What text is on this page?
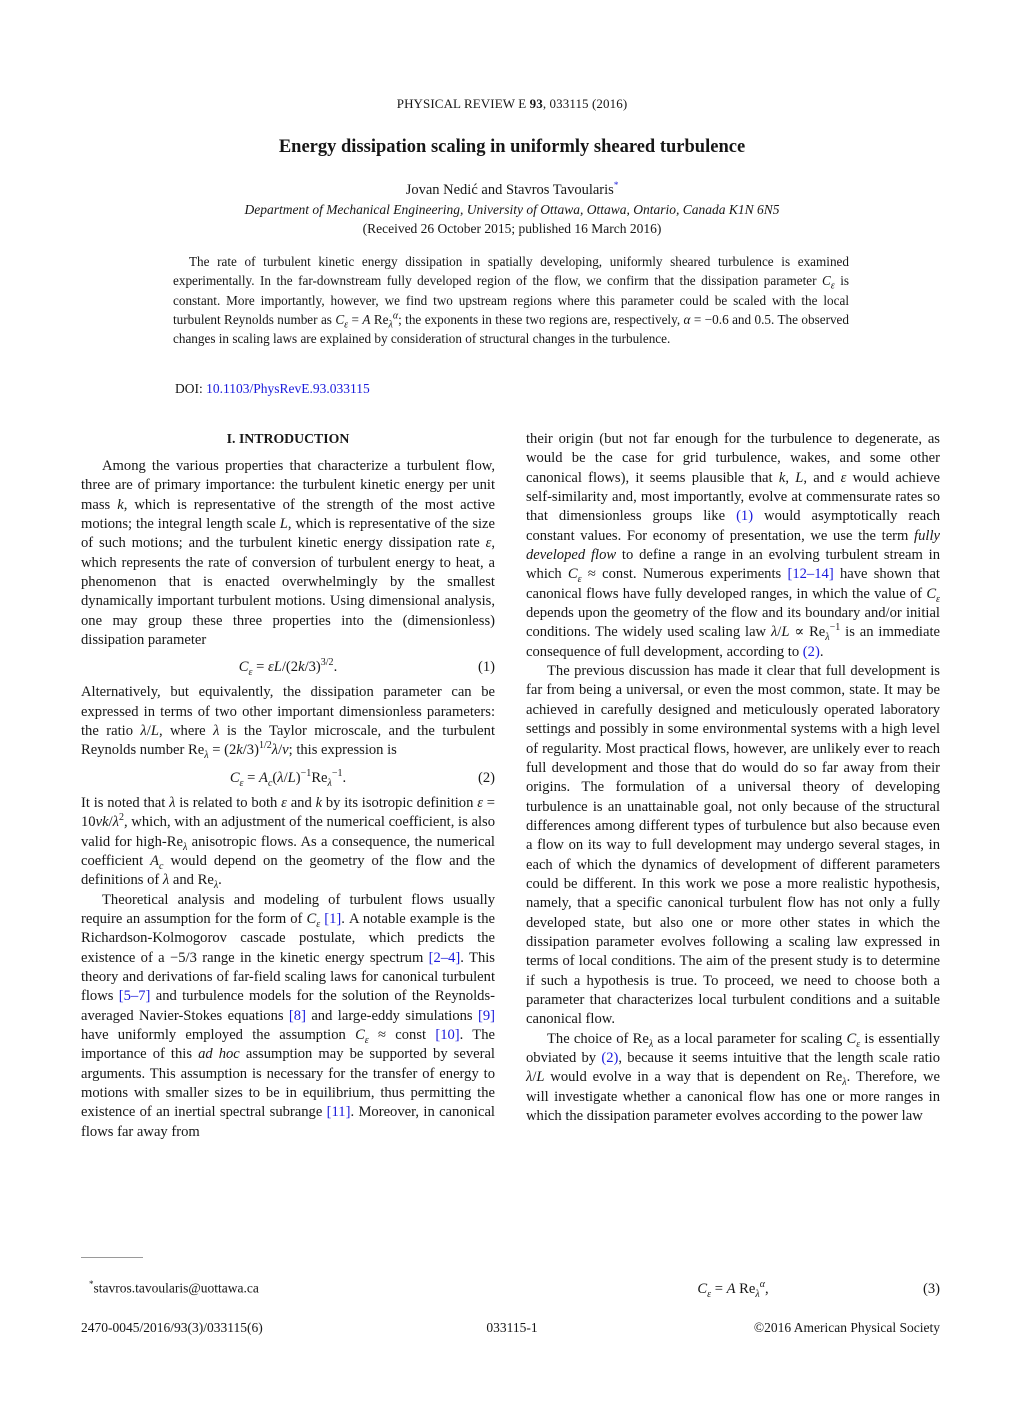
PHYSICAL REVIEW E 93, 033115 (2016)
Energy dissipation scaling in uniformly sheared turbulence
Jovan Nedić and Stavros Tavoularis*
Department of Mechanical Engineering, University of Ottawa, Ottawa, Ontario, Canada K1N 6N5
(Received 26 October 2015; published 16 March 2016)
The rate of turbulent kinetic energy dissipation in spatially developing, uniformly sheared turbulence is examined experimentally. In the far-downstream fully developed region of the flow, we confirm that the dissipation parameter $C_\varepsilon$ is constant. More importantly, however, we find two upstream regions where this parameter could be scaled with the local turbulent Reynolds number as $C_\varepsilon = A$ $Re_\lambda^\alpha$; the exponents in these two regions are, respectively, α = −0.6 and 0.5. The observed changes in scaling laws are explained by consideration of structural changes in the turbulence.
DOI: 10.1103/PhysRevE.93.033115
I. INTRODUCTION

Among the various properties that characterize a turbulent flow, three are of primary importance: the turbulent kinetic energy per unit mass k, which is representative of the strength of the most active motions; the integral length scale L, which is representative of the size of such motions; and the turbulent kinetic energy dissipation rate ε, which represents the rate of conversion of turbulent energy to heat, a phenomenon that is enacted overwhelmingly by the smallest dynamically important turbulent motions. Using dimensional analysis, one may group these three properties into the (dimensionless) dissipation parameter

$C_\varepsilon = \varepsilon L/(2k/3)^{3/2}$.	(1)

Alternatively, but equivalently, the dissipation parameter can be expressed in terms of two other important dimensionless parameters: the ratio λ/L, where λ is the Taylor microscale, and the turbulent Reynolds number $Re_\lambda = (2k/3)^{1/2}\lambda/\nu$; this expression is

$C_\varepsilon = A_c(\lambda/L)^{-1}Re_\lambda^{-1}$.	(2)

It is noted that λ is related to both ε and k by its isotropic definition $\varepsilon = 10\nu k/\lambda^2$, which, with an adjustment of the numerical coefficient, is also valid for high-$Re_\lambda$ anisotropic flows. As a consequence, the numerical coefficient $A_c$ would depend on the geometry of the flow and the definitions of λ and $Re_\lambda$.

Theoretical analysis and modeling of turbulent flows usually require an assumption for the form of $C_\varepsilon$ [1]. A notable example is the Richardson-Kolmogorov cascade postulate, which predicts the existence of a −5/3 range in the kinetic energy spectrum [2–4]. This theory and derivations of far-field scaling laws for canonical turbulent flows [5–7] and turbulence models for the solution of the Reynolds-averaged Navier-Stokes equations [8] and large-eddy simulations [9] have uniformly employed the assumption $C_\varepsilon$ ≈ const [10]. The importance of this ad hoc assumption may be supported by several arguments. This assumption is necessary for the transfer of energy to motions with smaller sizes to be in equilibrium, thus permitting the existence of an inertial spectral subrange [11]. Moreover, in canonical flows far away from

their origin (but not far enough for the turbulence to degenerate, as would be the case for grid turbulence, wakes, and some other canonical flows), it seems plausible that k, L, and ε would achieve self-similarity and, most importantly, evolve at commensurate rates so that dimensionless groups like (1) would asymptotically reach constant values. For economy of presentation, we use the term fully developed flow to define a range in an evolving turbulent stream in which $C_\varepsilon$ ≈ const. Numerous experiments [12–14] have shown that canonical flows have fully developed ranges, in which the value of $C_\varepsilon$ depends upon the geometry of the flow and its boundary and/or initial conditions. The widely used scaling law $\lambda/L \propto Re_\lambda^{-1}$ is an immediate consequence of full development, according to (2).

The previous discussion has made it clear that full development is far from being a universal, or even the most common, state. It may be achieved in carefully designed and meticulously operated laboratory settings and possibly in some environmental systems with a high level of regularity. Most practical flows, however, are unlikely ever to reach full development and those that do would do so far away from their origins. The formulation of a universal theory of developing turbulence is an unattainable goal, not only because of the structural differences among different types of turbulence but also because even a flow on its way to full development may undergo several stages, in each of which the dynamics of development of different parameters could be different. In this work we pose a more realistic hypothesis, namely, that a specific canonical turbulent flow has not only a fully developed state, but also one or more other states in which the dissipation parameter evolves following a scaling law expressed in terms of local conditions. The aim of the present study is to determine if such a hypothesis is true. To proceed, we need to choose both a parameter that characterizes local turbulent conditions and a suitable canonical flow.

The choice of $Re_\lambda$ as a local parameter for scaling $C_\varepsilon$ is essentially obviated by (2), because it seems intuitive that the length scale ratio λ/L would evolve in a way that is dependent on $Re_\lambda$. Therefore, we will investigate whether a canonical flow has one or more ranges in which the dissipation parameter evolves according to the power law

*stavros.tavoularis@uottawa.ca	$C_\varepsilon = A$ $Re_\lambda^\alpha$,	(3)
2470-0045/2016/93(3)/033115(6)	033115-1	©2016 American Physical Society
